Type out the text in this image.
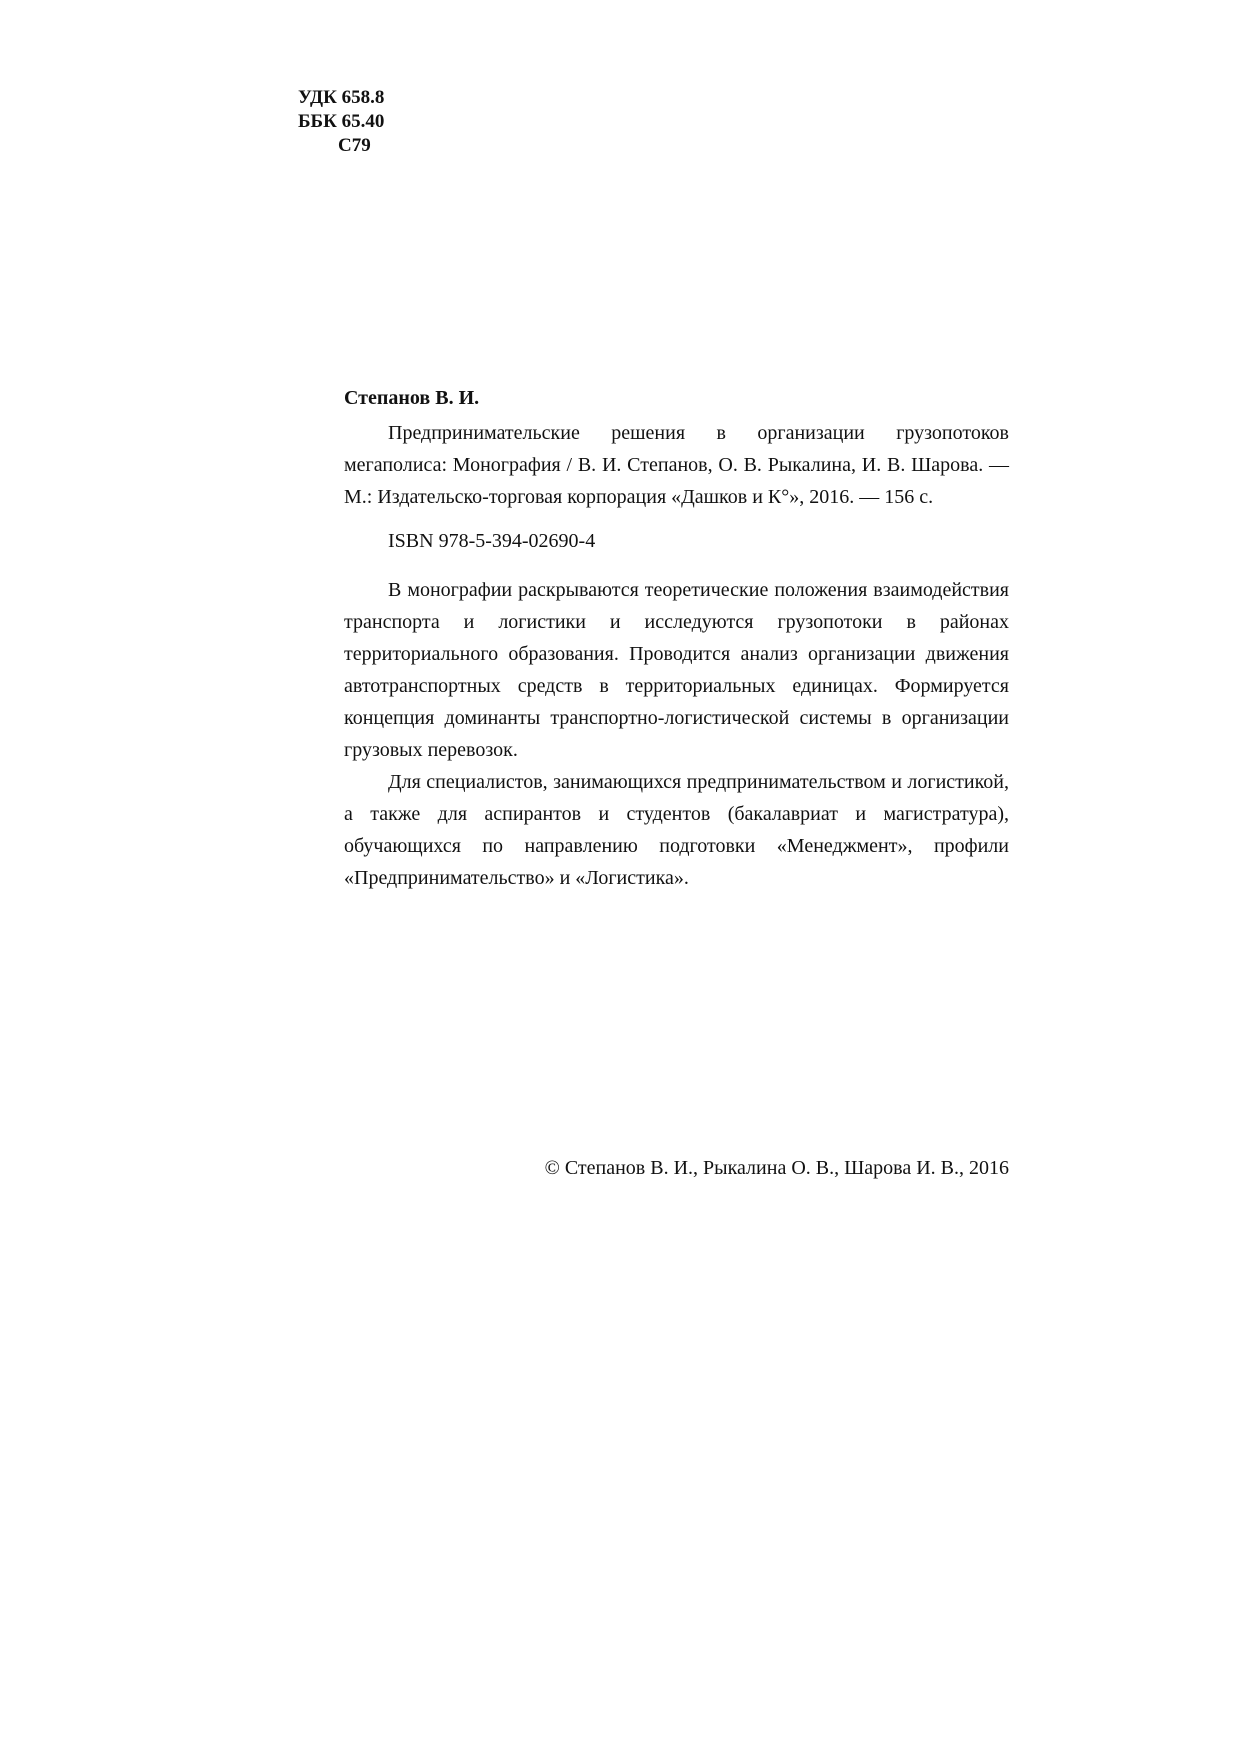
УДК 658.8
ББК 65.40
С79

Степанов В. И.

Предпринимательские решения в организации грузопотоков мегаполиса: Монография / В. И. Степанов, О. В. Рыкалина, И. В. Шарова. — М.: Издательско-торговая корпорация «Дашков и К°», 2016. — 156 с.

ISBN 978-5-394-02690-4

В монографии раскрываются теоретические положения взаимодействия транспорта и логистики и исследуются грузопотоки в районах территориального образования. Проводится анализ организации движения автотранспортных средств в территориальных единицах. Формируется концепция доминанты транспортно-логистической системы в организации грузовых перевозок.

Для специалистов, занимающихся предпринимательством и логистикой, а также для аспирантов и студентов (бакалавриат и магистратура), обучающихся по направлению подготовки «Менеджмент», профили «Предпринимательство» и «Логистика».

© Степанов В. И., Рыкалина О. В., Шарова И. В., 2016
